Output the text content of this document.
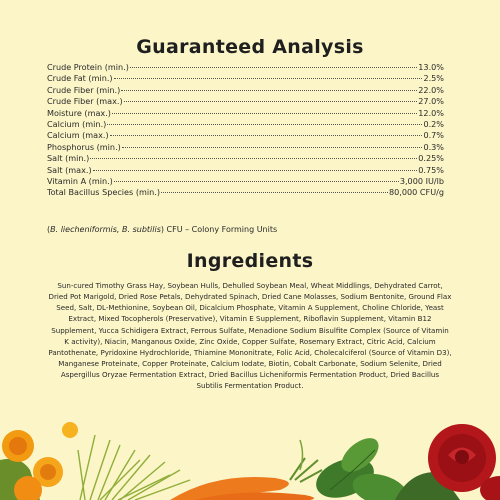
Guaranteed Analysis
Crude Protein (min.)	13.0%
Crude Fat (min.)	2.5%
Crude Fiber (min.)	22.0%
Crude Fiber (max.)	27.0%
Moisture (max.)	12.0%
Calcium (min.)	0.2%
Calcium (max.)	0.7%
Phosphorus (min.)	0.3%
Salt (min.)	0.25%
Salt (max.)	0.75%
Vitamin A (min.)	3,000 IU/lb
Total Bacillus Species (min.)	80,000 CFU/g
(B. liecheniformis, B. subtilis) CFU – Colony Forming Units
Ingredients
Sun-cured Timothy Grass Hay, Soybean Hulls, Dehulled Soybean Meal, Wheat Middlings, Dehydrated Carrot, Dried Pot Marigold, Dried Rose Petals, Dehydrated Spinach, Dried Cane Molasses, Sodium Bentonite, Ground Flax Seed, Salt, DL-Methionine, Soybean Oil, Dicalcium Phosphate, Vitamin A Supplement, Choline Chloride, Yeast Extract, Mixed Tocopherols (Preservative), Vitamin E Supplement, Riboflavin Supplement, Vitamin B12 Supplement, Yucca Schidigera Extract, Ferrous Sulfate, Menadione Sodium Bisulfite Complex (Source of Vitamin K activity), Niacin, Manganous Oxide, Zinc Oxide, Copper Sulfate, Rosemary Extract, Citric Acid, Calcium Pantothenate, Pyridoxine Hydrochloride, Thiamine Mononitrate, Folic Acid, Cholecalciferol (Source of Vitamin D3), Manganese Proteinate, Copper Proteinate, Calcium Iodate, Biotin, Cobalt Carbonate, Sodium Selenite, Dried Aspergillus Oryzae Fermentation Extract, Dried Bacillus Licheniformis Fermentation Product, Dried Bacillus Subtilis Fermentation Product.
